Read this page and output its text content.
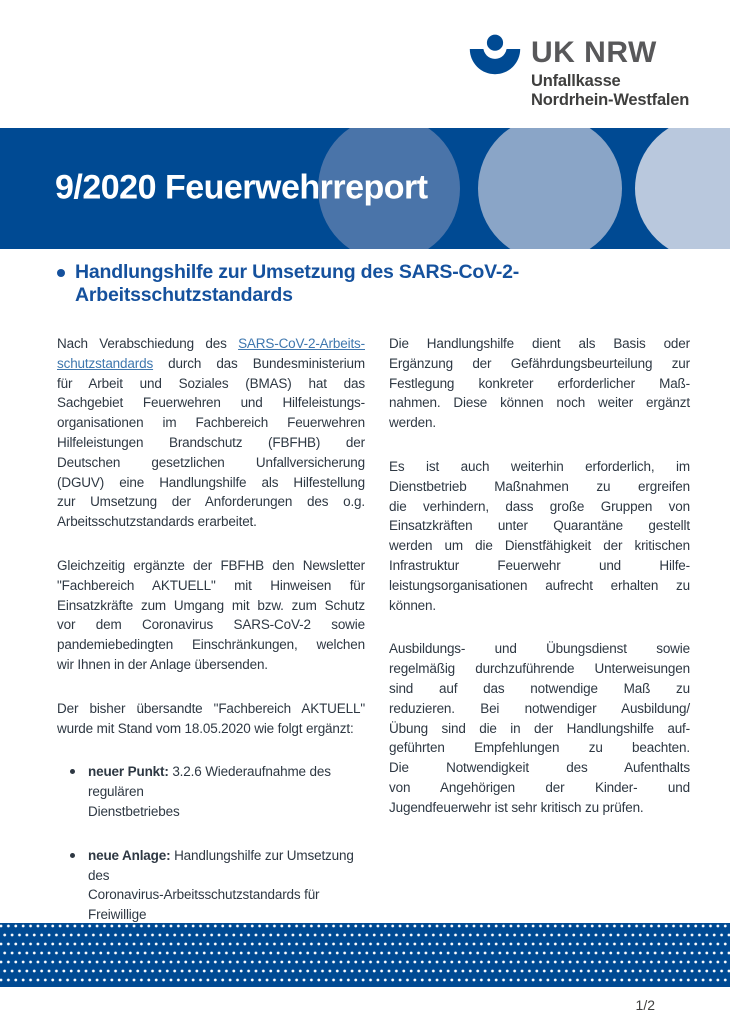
UK NRW
Unfallkasse
Nordrhein-Westfalen
9/2020 Feuerwehrreport
Handlungshilfe zur Umsetzung des SARS-CoV-2-
Arbeitsschutzstandards
Nach Verabschiedung des SARS-CoV-2-Arbeits-
schutzstandards durch das Bundesministerium
für Arbeit und Soziales (BMAS) hat das
Sachgebiet Feuerwehren und Hilfeleistungs-
organisationen im Fachbereich Feuerwehren
Hilfeleistungen Brandschutz (FBFHB) der
Deutschen gesetzlichen Unfallversicherung
(DGUV) eine Handlungshilfe als Hilfestellung
zur Umsetzung der Anforderungen des o.g.
Arbeitsschutzstandards erarbeitet.
Gleichzeitig ergänzte der FBFHB den Newsletter
"Fachbereich AKTUELL" mit Hinweisen für
Einsatzkräfte zum Umgang mit bzw. zum Schutz
vor dem Coronavirus SARS-CoV-2 sowie
pandemiebedingten Einschränkungen, welchen
wir Ihnen in der Anlage übersenden.
Der bisher übersandte "Fachbereich AKTUELL"
wurde mit Stand vom 18.05.2020 wie folgt ergänzt:
neuer Punkt: 3.2.6 Wiederaufnahme des regulären
Dienstbetriebes
neue Anlage: Handlungshilfe zur Umsetzung des
Coronavirus-Arbeitsschutzstandards für Freiwillige
Die Handlungshilfe dient als Basis oder
Ergänzung der Gefährdungsbeurteilung zur
Festlegung konkreter erforderlicher Maß-
nahmen. Diese können noch weiter ergänzt
werden.
Es ist auch weiterhin erforderlich, im
Dienstbetrieb Maßnahmen zu ergreifen
die verhindern, dass große Gruppen von
Einsatzkräften unter Quarantäne gestellt
werden um die Dienstfähigkeit der kritischen
Infrastruktur Feuerwehr und Hilfe-
leistungsorganisationen aufrecht erhalten zu
können.
Ausbildungs- und Übungsdienst sowie
regelmäßig durchzuführende Unterweisungen
sind auf das notwendige Maß zu
reduzieren. Bei notwendiger Ausbildung/
Übung sind die in der Handlungshilfe auf-
geführten Empfehlungen zu beachten.
Die Notwendigkeit des Aufenthalts
von Angehörigen der Kinder- und
Jugendfeuerwehr ist sehr kritisch zu prüfen.
1/2
